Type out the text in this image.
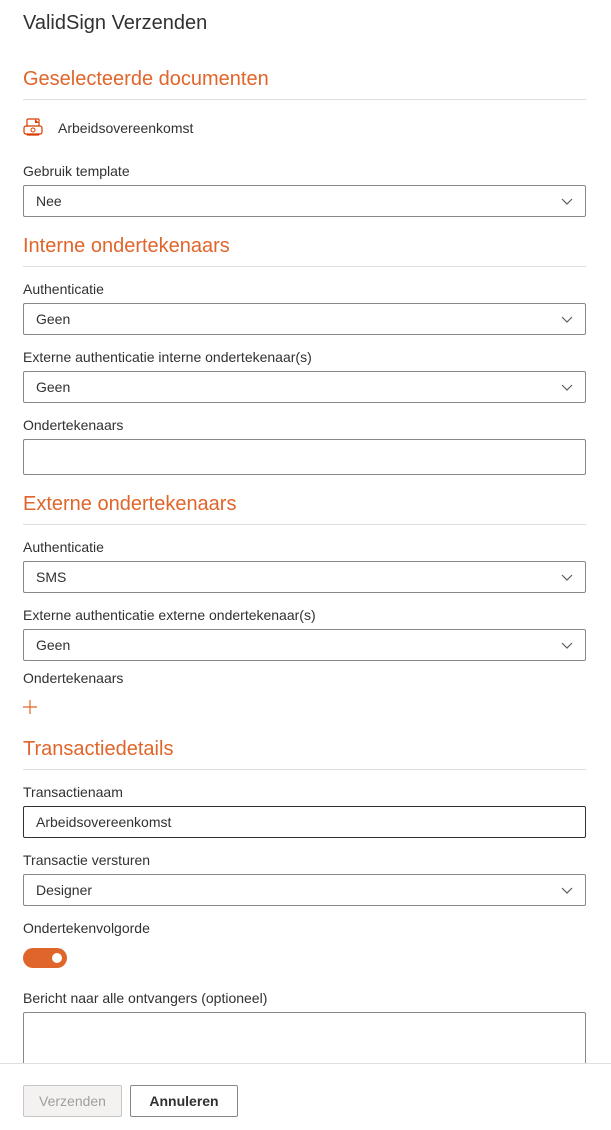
ValidSign Verzenden
Geselecteerde documenten
Arbeidsovereenkomst
Gebruik template
Nee
Interne ondertekenaars
Authenticatie
Geen
Externe authenticatie interne ondertekenaar(s)
Geen
Ondertekenaars
Externe ondertekenaars
Authenticatie
SMS
Externe authenticatie externe ondertekenaar(s)
Geen
Ondertekenaars
Transactiedetails
Transactienaam
Arbeidsovereenkomst
Transactie versturen
Designer
Ondertekenvolgorde
Bericht naar alle ontvangers (optioneel)
Verzenden	Annuleren
